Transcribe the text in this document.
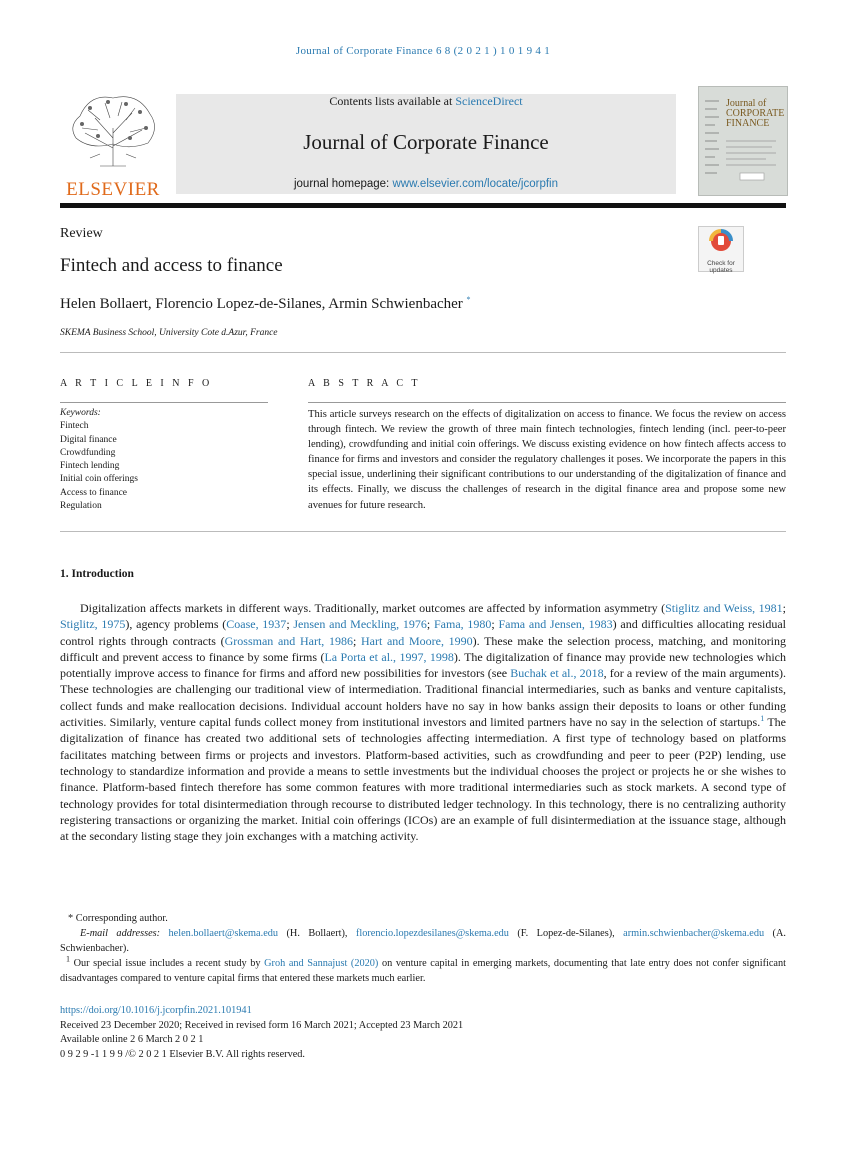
Journal of Corporate Finance 6 8 (2 0 2 1 ) 1 0 1 9 4 1
ELSEVIER
Contents lists available at ScienceDirect
Journal of Corporate Finance
journal homepage: www.elsevier.com/locate/jcorpfin
Journal of
CORPORATE
FINANCE
Review
Fintech and access to finance	Check for updates
Helen Bollaert, Florencio Lopez-de-Silanes, Armin Schwienbacher *
SKEMA Business School, University Cote d.Azur, France
A R T I C L E I N F O	A B S T R A C T
Keywords:
Fintech
Digital finance
Crowdfunding
Fintech lending
Initial coin offerings
Access to finance
Regulation
This article surveys research on the effects of digitalization on access to finance. We focus the review on access through fintech. We review the growth of three main fintech technologies, fintech lending (incl. peer-to-peer lending), crowdfunding and initial coin offerings. We discuss existing evidence on how fintech affects access to finance for firms and investors and consider the regulatory challenges it poses. We incorporate the papers in this special issue, underlining their significant contributions to our understanding of the digitalization of finance and its effects. Finally, we discuss the challenges of research in the digital finance area and propose some new avenues for future research.
1. Introduction
Digitalization affects markets in different ways. Traditionally, market outcomes are affected by information asymmetry (Stiglitz and Weiss, 1981; Stiglitz, 1975), agency problems (Coase, 1937; Jensen and Meckling, 1976; Fama, 1980; Fama and Jensen, 1983) and difficulties allocating residual control rights through contracts (Grossman and Hart, 1986; Hart and Moore, 1990). These make the selection process, matching, and monitoring difficult and prevent access to finance by some firms (La Porta et al., 1997, 1998). The digitalization of finance may provide new technologies which potentially improve access to finance for firms and afford new possibilities for investors (see Buchak et al., 2018, for a review of the main arguments). These technologies are challenging our traditional view of intermediation. Traditional financial intermediaries, such as banks and venture capitalists, collect funds and make reallocation decisions. Individual account holders have no say in how banks assign their deposits to loans or other funding activities. Similarly, venture capital funds collect money from institutional investors and limited partners have no say in the selection of startups.$^1$ The digitalization of finance has created two additional sets of technologies affecting intermediation. A first type of technology based on platforms facilitates matching between firms or projects and investors. Platform-based activities, such as crowdfunding and peer to peer (P2P) lending, use technology to standardize information and provide a means to settle investments but the individual chooses the project or projects he or she wishes to finance. Platform-based fintech therefore has some common features with more traditional intermediaries such as stock markets. A second type of technology provides for total disintermediation through recourse to distributed ledger technology. In this technology, there is no centralizing authority registering transactions or organizing the market. Initial coin offerings (ICOs) are an example of full disintermediation at the issuance stage, although at the secondary listing stage they join exchanges with a matching activity.

* Corresponding author.

E-mail addresses: helen.bollaert@skema.edu (H. Bollaert), florencio.lopezdesilanes@skema.edu (F. Lopez-de-Silanes), armin.schwienbacher@skema.edu (A. Schwienbacher).

$^1$ Our special issue includes a recent study by Groh and Sannajust (2020) on venture capital in emerging markets, documenting that late entry does not confer significant disadvantages compared to venture capital firms that entered these markets much earlier.

https://doi.org/10.1016/j.jcorpfin.2021.101941
Received 23 December 2020; Received in revised form 16 March 2021; Accepted 23 March 2021
Available online 2 6 March 2 0 2 1
0 9 2 9 -1 1 9 9 /© 2 0 2 1 Elsevier B.V. All rights reserved.
